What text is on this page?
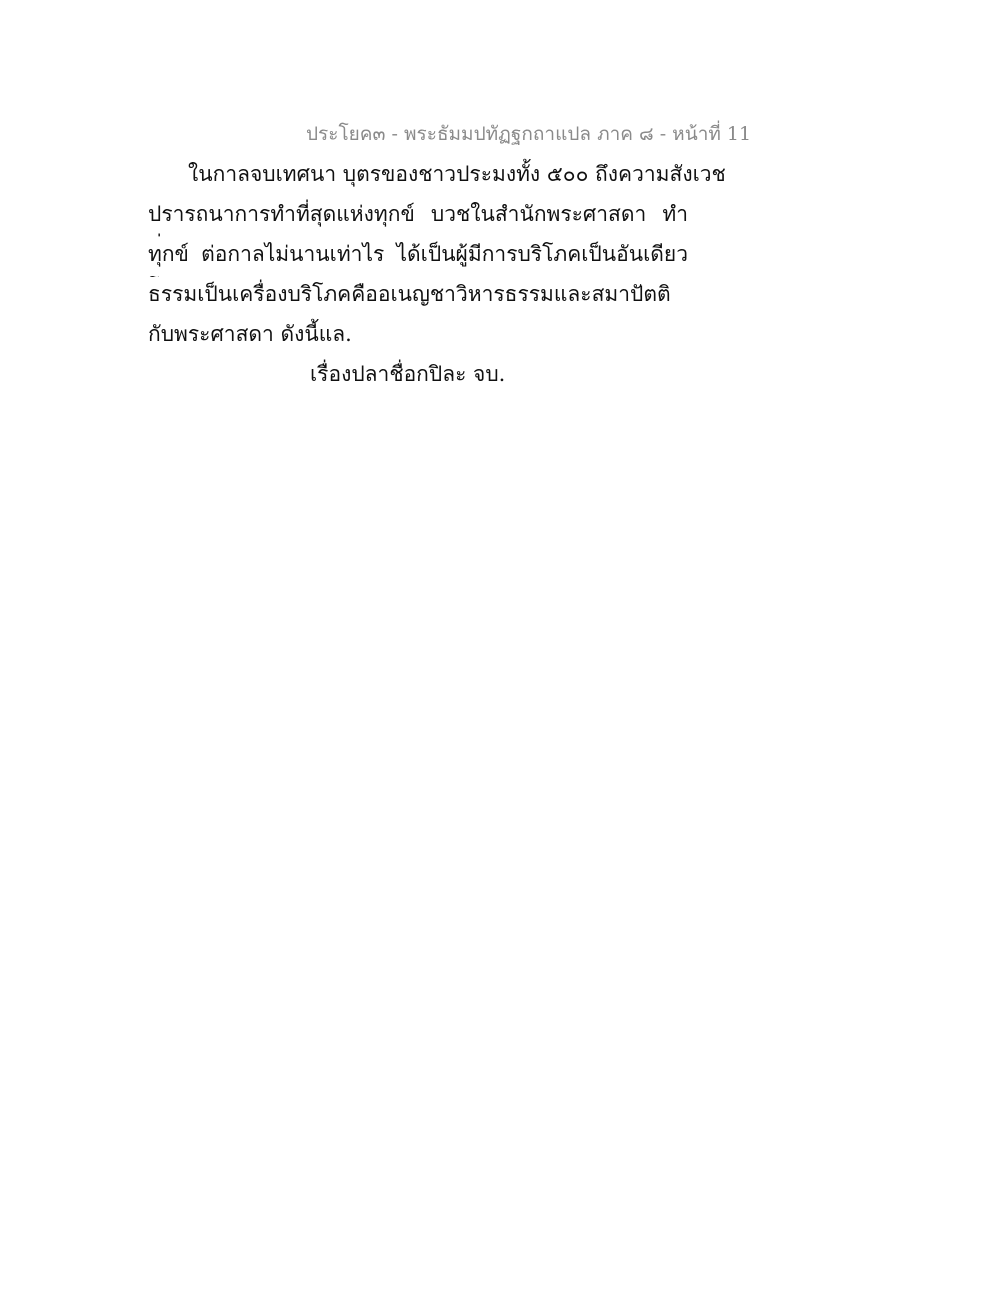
ประโยค๓ - พระธัมมปทัฏฐกถาแปล ภาค ๘ - หน้าที่ 11
ในกาลจบเทศนา บุตรของชาวประมงทั้ง ๕๐๐ ถึงความสังเวช
ปรารถนาการทำที่สุดแห่งทุกข์ บวชในสำนักพระศาสดา ทำ
ทุกข์ ต่อกาลไม่นานเท่าไร ได้เป็นผู้มีการบริโภคเป็นอันเดียว
ธรรมเป็นเครื่องบริโภคคืออเนญชาวิหารธรรมและสมาปัตติ
กับพระศาสดา ดังนี้แล.
เรื่องปลาชื่อกปิละ จบ.
